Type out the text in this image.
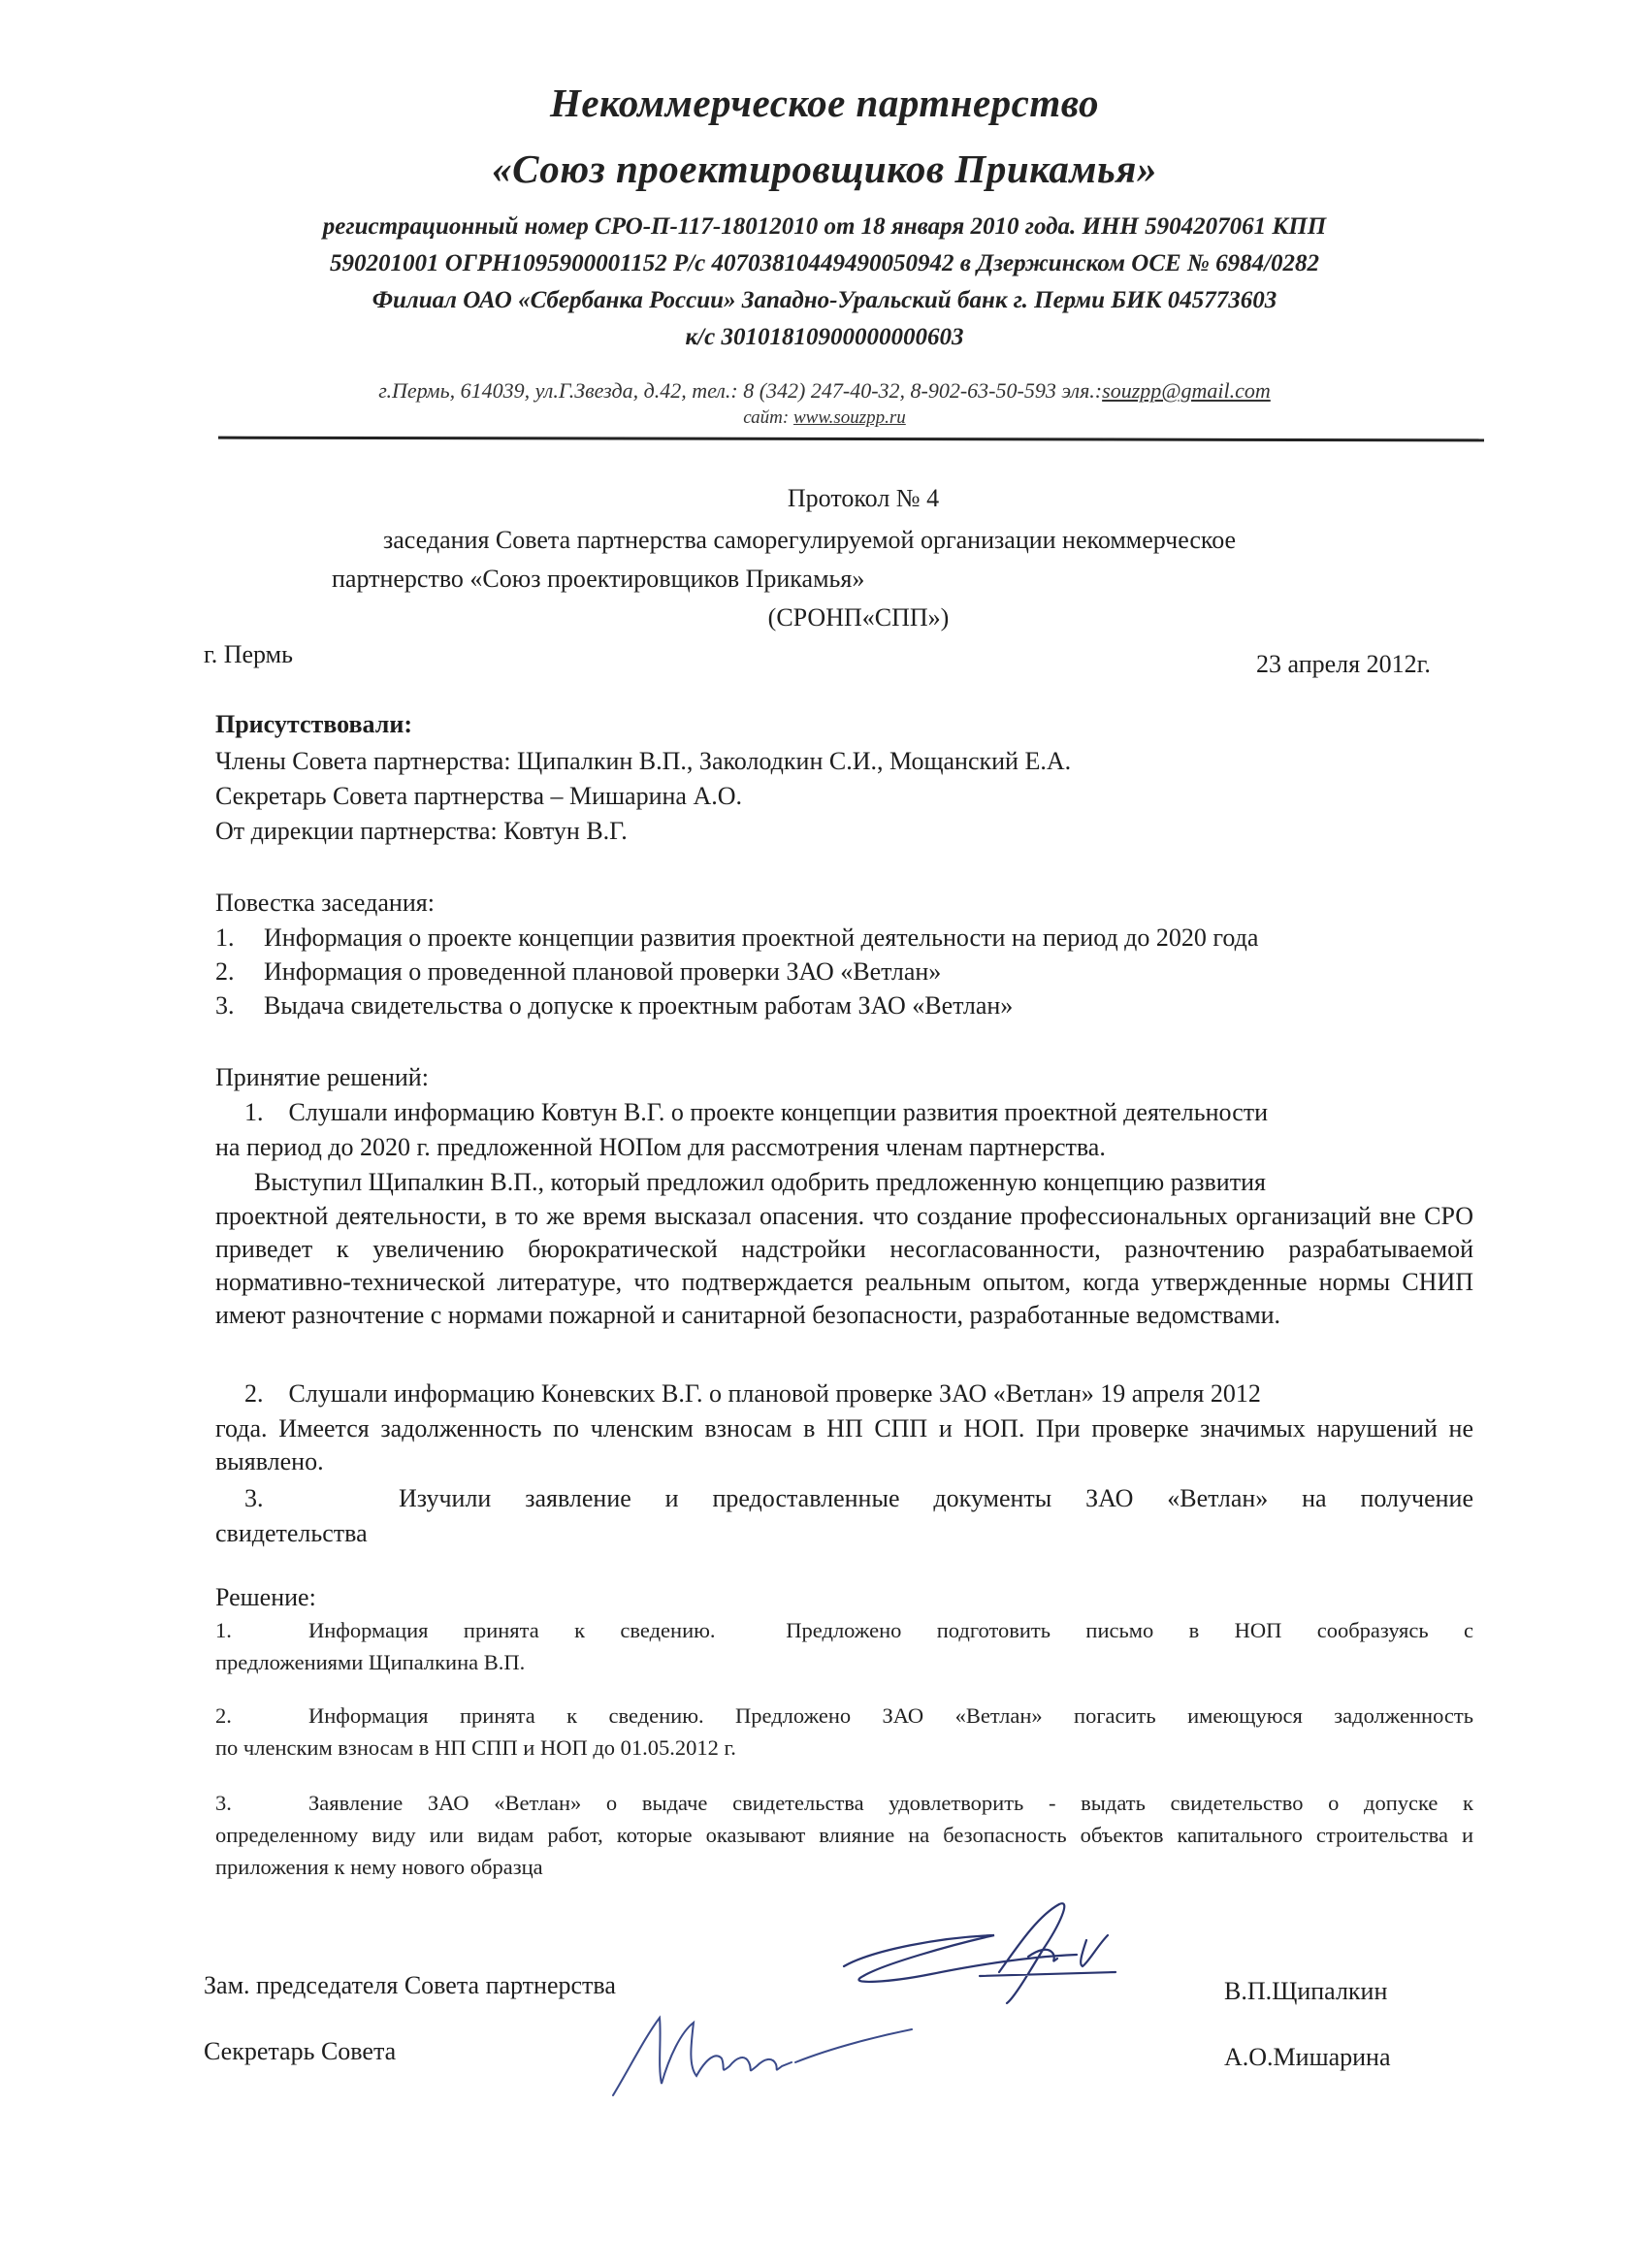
Некоммерческое партнерство
«Союз проектировщиков Прикамья»
регистрационный номер СРО-П-117-18012010 от 18 января 2010 года. ИНН 5904207061 КПП
590201001 ОГРН1095900001152 Р/с 40703810449490050942 в Дзержинском ОСЕ № 6984/0282
Филиал ОАО «Сбербанка России» Западно-Уральский банк г. Перми БИК 045773603
к/с 30101810900000000603
г.Пермь, 614039, ул.Г.Звезда, д.42, тел.: 8 (342) 247-40-32, 8-902-63-50-593 эля.:souzpp@gmail.com
сайт: www.souzpp.ru
Протокол № 4
заседания Совета партнерства саморегулируемой организации некоммерческое
партнерство «Союз проектировщиков Прикамья»
(СРОНП«СПП»)
г. Пермь	23 апреля 2012г.
Присутствовали:
Члены Совета партнерства: Щипалкин В.П., Заколодкин С.И., Мощанский Е.А.
Секретарь Совета партнерства – Мишарина А.О.
От дирекции партнерства: Ковтун В.Г.
Повестка заседания:
1. Информация о проекте концепции развития проектной деятельности на период до 2020 года
2. Информация о проведенной плановой проверки ЗАО «Ветлан»
3. Выдача свидетельства о допуске к проектным работам ЗАО «Ветлан»
Принятие решений:
1.    Слушали информацию Ковтун В.Г. о проекте концепции развития проектной деятельности
на период до 2020 г. предложенной НОПом для рассмотрения членам партнерства.
Выступил Щипалкин В.П., который предложил одобрить предложенную концепцию развития
проектной деятельности, в то же время высказал опасения. что создание профессиональных организаций вне СРО приведет к увеличению бюрократической надстройки несогласованности, разночтению разрабатываемой нормативно-технической литературе, что подтверждается реальным опытом, когда утвержденные нормы СНИП имеют разночтение с нормами пожарной и санитарной безопасности, разработанные ведомствами.
2.    Слушали информацию Коневских В.Г. о плановой проверке ЗАО «Ветлан» 19 апреля 2012
года. Имеется задолженность по членским взносам в НП СПП и НОП. При проверке значимых нарушений не выявлено.
3.    Изучили заявление и предоставленные документы ЗАО «Ветлан» на получение
свидетельства
Решение:
1.	Информация принята к сведению.  Предложено подготовить письмо в НОП сообразуясь с
предложениями Щипалкина В.П.
2.	Информация принята к сведению. Предложено ЗАО «Ветлан» погасить имеющуюся задолженность
по членским взносам в НП СПП и НОП до 01.05.2012 г.
3.	Заявление ЗАО «Ветлан» о выдаче свидетельства удовлетворить - выдать свидетельство о допуске к
определенному виду или видам работ, которые оказывают влияние на безопасность объектов капитального строительства и приложения к нему нового образца
Зам. председателя Совета партнерства	В.П.Щипалкин
Секретарь Совета	А.О.Мишарина
